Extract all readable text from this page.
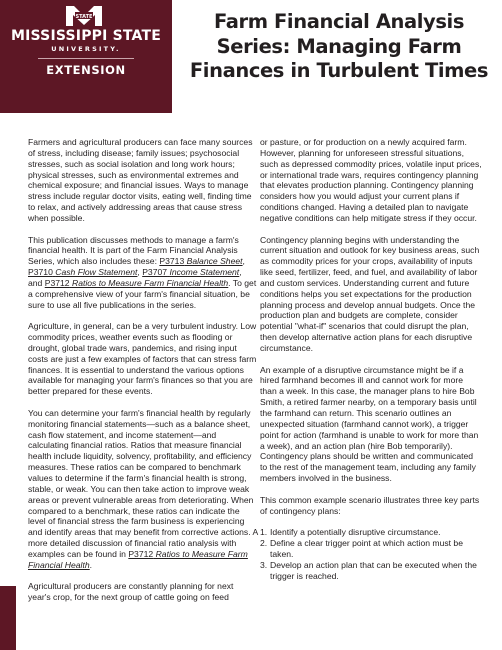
STATE
MISSISSIPPI STATE
UNIVERSITY.
EXTENSION
Farm Financial Analysis Series: Managing Farm Finances in Turbulent Times

Farmers and agricultural producers can face many sources of stress, including disease; family issues; psychosocial stresses, such as social isolation and long work hours; physical stresses, such as environmental extremes and chemical exposure; and financial issues. Ways to manage stress include regular doctor visits, eating well, finding time to relax, and actively addressing areas that cause stress when possible.

This publication discusses methods to manage a farm's financial health. It is part of the Farm Financial Analysis Series, which also includes these: P3713 Balance Sheet, P3710 Cash Flow Statement, P3707 Income Statement, and P3712 Ratios to Measure Farm Financial Health. To get a comprehensive view of your farm's financial situation, be sure to use all five publications in the series.

Agriculture, in general, can be a very turbulent industry. Low commodity prices, weather events such as flooding or drought, global trade wars, pandemics, and rising input costs are just a few examples of factors that can stress farm finances. It is essential to understand the various options available for managing your farm's finances so that you are better prepared for these events.

You can determine your farm's financial health by regularly monitoring financial statements—such as a balance sheet, cash flow statement, and income statement—and calculating financial ratios. Ratios that measure financial health include liquidity, solvency, profitability, and efficiency measures. These ratios can be compared to benchmark values to determine if the farm's financial health is strong, stable, or weak. You can then take action to improve weak areas or prevent vulnerable areas from deteriorating. When compared to a benchmark, these ratios can indicate the level of financial stress the farm business is experiencing and identify areas that may benefit from corrective actions. A more detailed discussion of financial ratio analysis with examples can be found in P3712 Ratios to Measure Farm Financial Health.

Agricultural producers are constantly planning for next year's crop, for the next group of cattle going on feed

or pasture, or for production on a newly acquired farm. However, planning for unforeseen stressful situations, such as depressed commodity prices, volatile input prices, or international trade wars, requires contingency planning that elevates production planning. Contingency planning considers how you would adjust your current plans if conditions changed. Having a detailed plan to navigate negative conditions can help mitigate stress if they occur.

Contingency planning begins with understanding the current situation and outlook for key business areas, such as commodity prices for your crops, availability of inputs like seed, fertilizer, feed, and fuel, and availability of labor and custom services. Understanding current and future conditions helps you set expectations for the production planning process and develop annual budgets. Once the production plan and budgets are complete, consider potential "what-if" scenarios that could disrupt the plan, then develop alternative action plans for each disruptive circumstance.

An example of a disruptive circumstance might be if a hired farmhand becomes ill and cannot work for more than a week. In this case, the manager plans to hire Bob Smith, a retired farmer nearby, on a temporary basis until the farmhand can return. This scenario outlines an unexpected situation (farmhand cannot work), a trigger point for action (farmhand is unable to work for more than a week), and an action plan (hire Bob temporarily). Contingency plans should be written and communicated to the rest of the management team, including any family members involved in the business.

This common example scenario illustrates three key parts of contingency plans:

1. Identify a potentially disruptive circumstance.
2. Define a clear trigger point at which action must be taken.
3. Develop an action plan that can be executed when the trigger is reached.
